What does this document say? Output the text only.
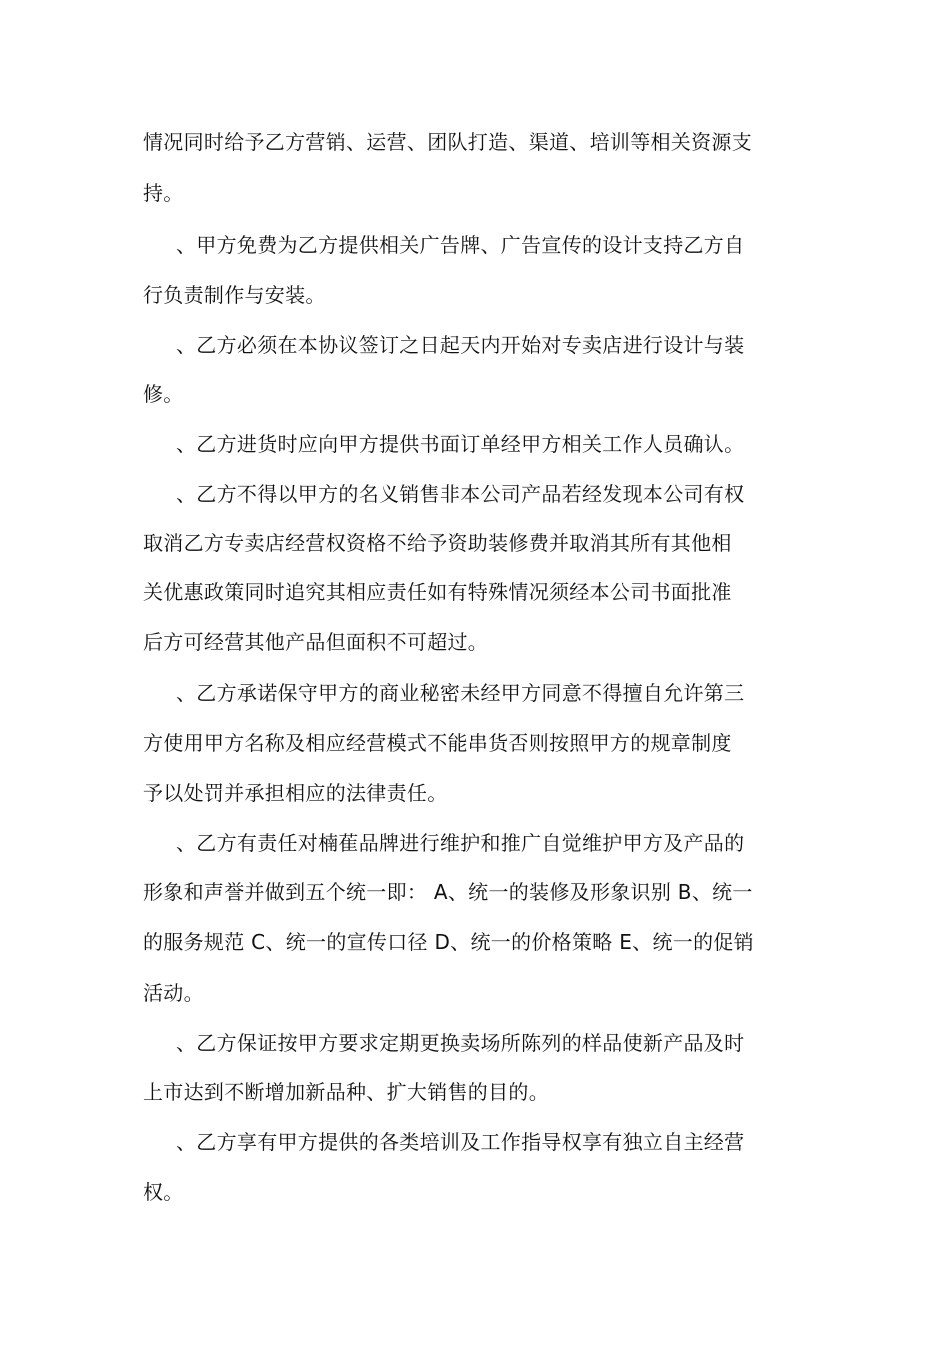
情况同时给予乙方营销、运营、团队打造、渠道、培训等相关资源支
持。
、甲方免费为乙方提供相关广告牌、广告宣传的设计支持乙方自
行负责制作与安装。
、乙方必须在本协议签订之日起天内开始对专卖店进行设计与装
修。
、乙方进货时应向甲方提供书面订单经甲方相关工作人员确认。
、乙方不得以甲方的名义销售非本公司产品若经发现本公司有权
取消乙方专卖店经营权资格不给予资助装修费并取消其所有其他相
关优惠政策同时追究其相应责任如有特殊情况须经本公司书面批准
后方可经营其他产品但面积不可超过。
、乙方承诺保守甲方的商业秘密未经甲方同意不得擅自允许第三
方使用甲方名称及相应经营模式不能串货否则按照甲方的规章制度
予以处罚并承担相应的法律责任。
、乙方有责任对楠萑品牌进行维护和推广自觉维护甲方及产品的
形象和声誉并做到五个统一即： A、统一的装修及形象识别 B、统一
的服务规范 C、统一的宣传口径 D、统一的价格策略 E、统一的促销
活动。
、乙方保证按甲方要求定期更换卖场所陈列的样品使新产品及时
上市达到不断增加新品种、扩大销售的目的。
、乙方享有甲方提供的各类培训及工作指导权享有独立自主经营
权。
